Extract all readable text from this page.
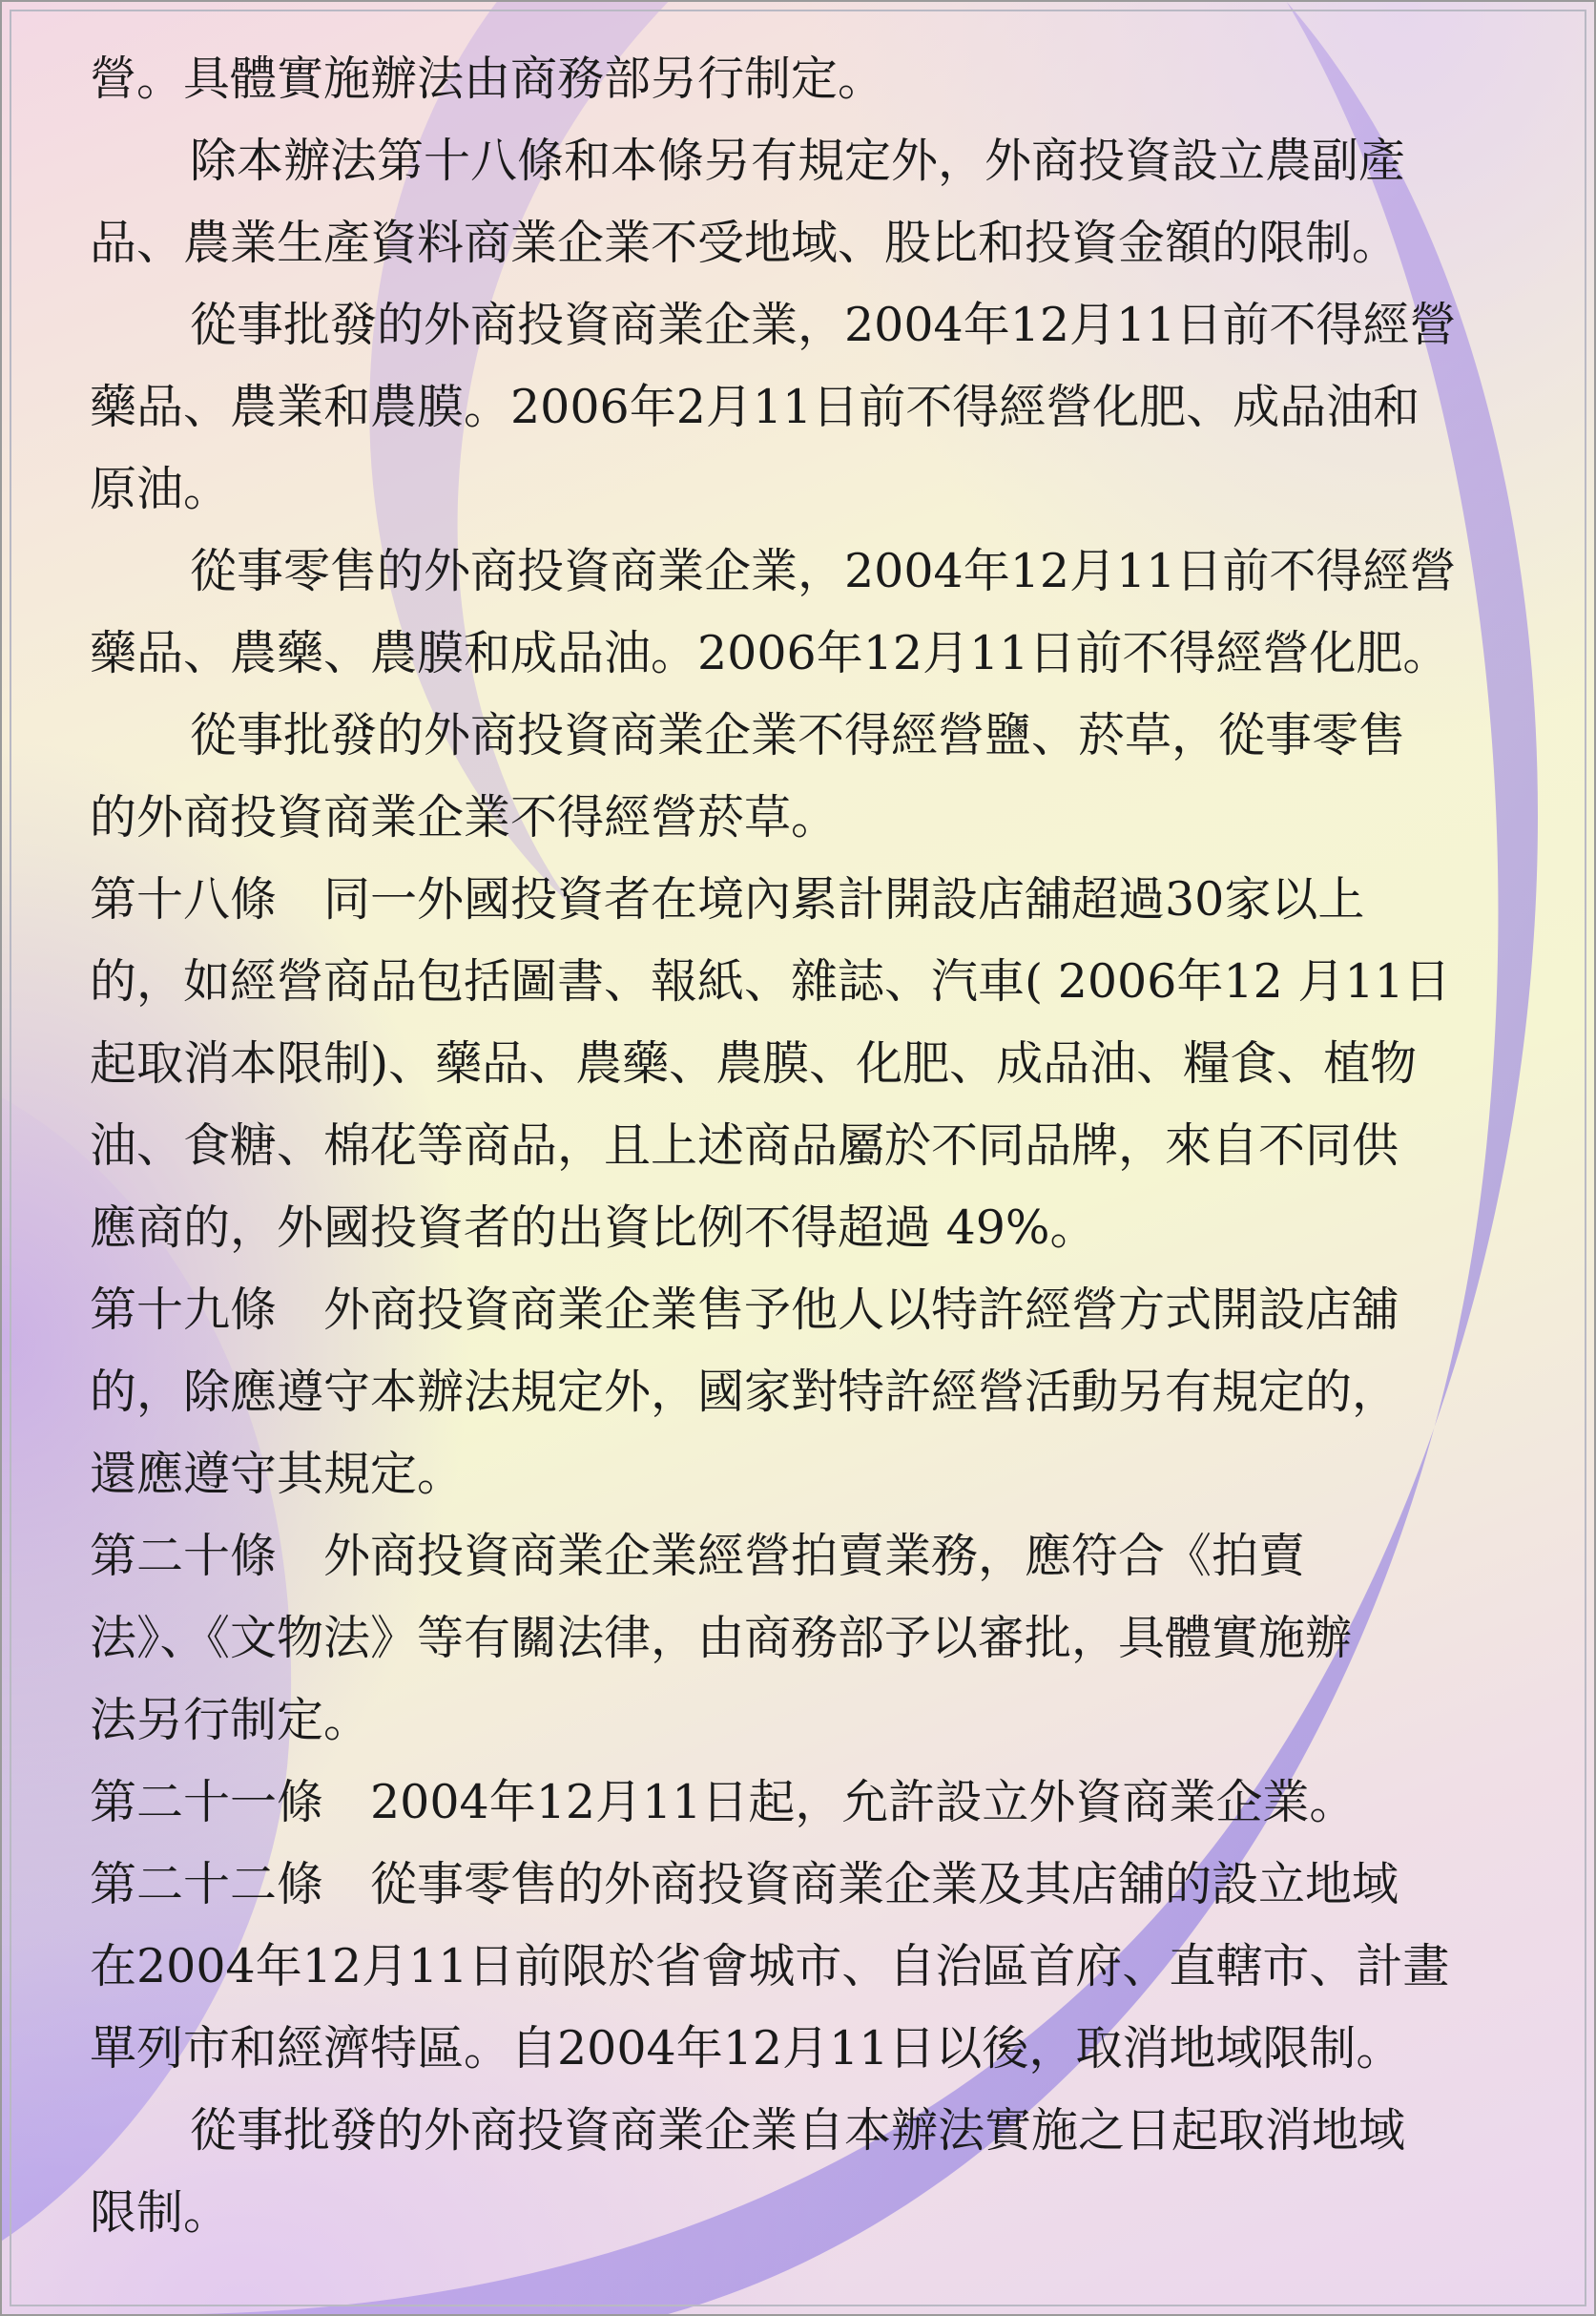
營。具體實施辦法由商務部另行制定。
除本辦法第十八條和本條另有規定外，外商投資設立農副產
品、農業生產資料商業企業不受地域、股比和投資金額的限制。
從事批發的外商投資商業企業，2004年12月11日前不得經營
藥品、農業和農膜。2006年2月11日前不得經營化肥、成品油和
原油。
從事零售的外商投資商業企業，2004年12月11日前不得經營
藥品、農藥、農膜和成品油。2006年12月11日前不得經營化肥。
從事批發的外商投資商業企業不得經營鹽、菸草，從事零售
的外商投資商業企業不得經營菸草。
第十八條　同一外國投資者在境內累計開設店舖超過30家以上
的，如經營商品包括圖書、報紙、雜誌、汽車( 2006年12 月11日
起取消本限制)、藥品、農藥、農膜、化肥、成品油、糧食、植物
油、食糖、棉花等商品，且上述商品屬於不同品牌，來自不同供
應商的，外國投資者的出資比例不得超過 49%。
第十九條　外商投資商業企業售予他人以特許經營方式開設店舖
的，除應遵守本辦法規定外，國家對特許經營活動另有規定的，
還應遵守其規定。
第二十條　外商投資商業企業經營拍賣業務，應符合《拍賣
法》、《文物法》等有關法律，由商務部予以審批，具體實施辦
法另行制定。
第二十一條　2004年12月11日起，允許設立外資商業企業。
第二十二條　從事零售的外商投資商業企業及其店舖的設立地域
在2004年12月11日前限於省會城市、自治區首府、直轄市、計畫
單列市和經濟特區。自2004年12月11日以後，取消地域限制。
從事批發的外商投資商業企業自本辦法實施之日起取消地域
限制。
